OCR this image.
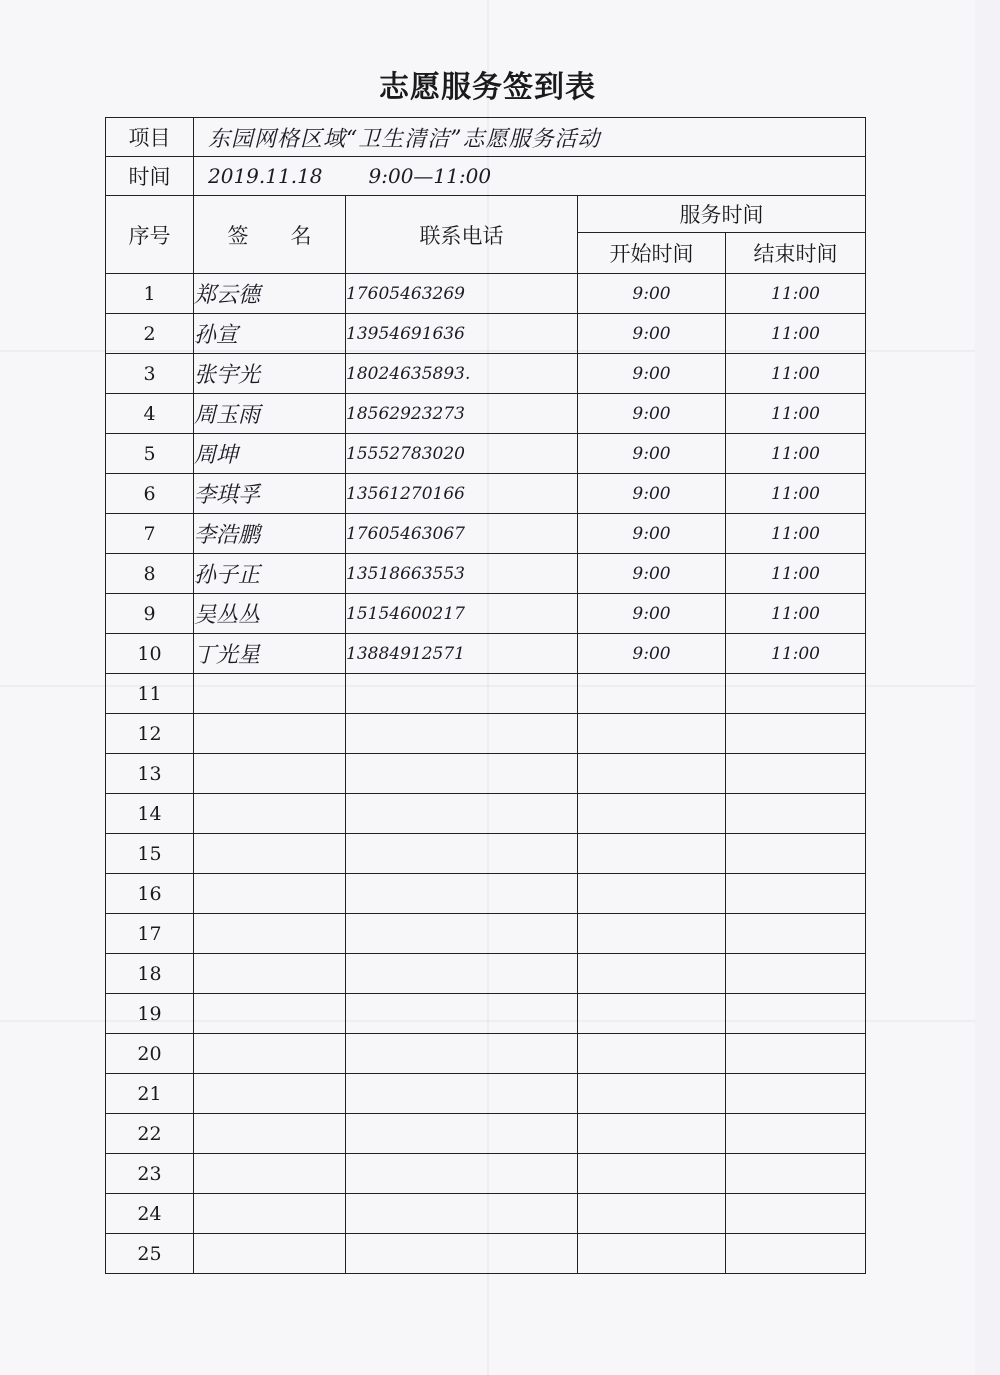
志愿服务签到表
项目	东园网格区域“卫生清洁”志愿服务活动			
时间	2019.11.18 9:00—11:00			
序号	签　　名	联系电话	服务时间	
			开始时间	结束时间
1	郑云德	17605463269	9:00	11:00
2	孙宣	13954691636	9:00	11:00
3	张宇光	18024635893.	9:00	11:00
4	周玉雨	18562923273	9:00	11:00
5	周坤	15552783020	9:00	11:00
6	李琪孚	13561270166	9:00	11:00
7	李浩鹏	17605463067	9:00	11:00
8	孙子正	13518663553	9:00	11:00
9	吴丛丛	15154600217	9:00	11:00
10	丁光星	13884912571	9:00	11:00
11				
12				
13				
14				
15				
16				
17				
18				
19				
20				
21				
22				
23				
24				
25				
